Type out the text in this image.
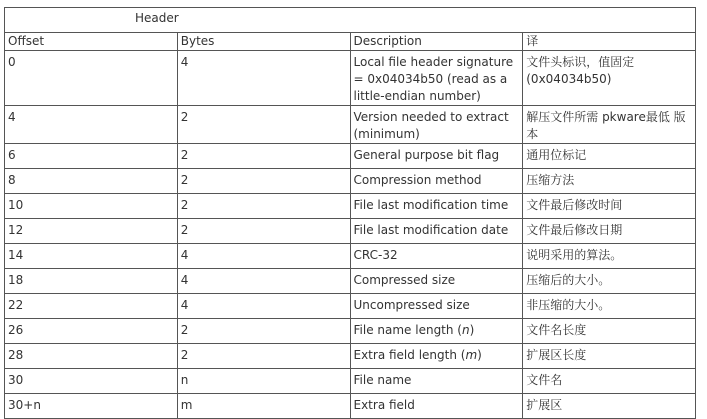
Header			
Offset	Bytes	Description	译
0	4	Local file header signature = 0x04034b50 (read as a little-endian number)	文件头标识，值固定(0x04034b50)
4	2	Version needed to extract (minimum)	解压文件所需 pkware最低 版本
6	2	General purpose bit flag	通用位标记
8	2	Compression method	压缩方法
10	2	File last modification time	文件最后修改时间
12	2	File last modification date	文件最后修改日期
14	4	CRC-32	说明采用的算法。
18	4	Compressed size	压缩后的大小。
22	4	Uncompressed size	非压缩的大小。
26	2	File name length (n)	文件名长度
28	2	Extra field length (m)	扩展区长度
30	n	File name	文件名
30+n	m	Extra field	扩展区
